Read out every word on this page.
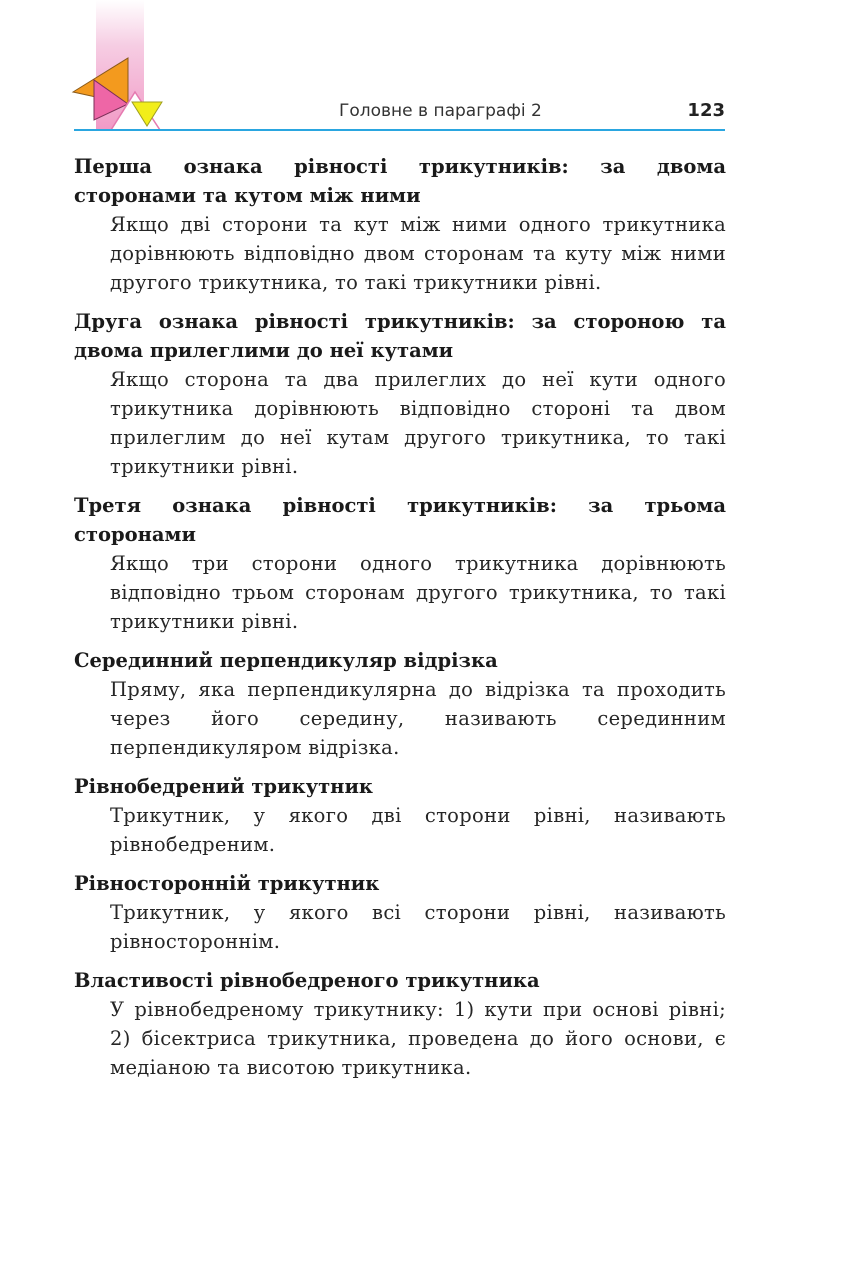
Головне в параграфі 2	123

Перша ознака рівності трикутників: за двома сторонами та кутом між ними

Якщо дві сторони та кут між ними одного трикутника дорівнюють відповідно двом сторонам та куту між ними другого трикутника, то такі трикутники рівні.

Друга ознака рівності трикутників: за стороною та двома прилеглими до неї кутами

Якщо сторона та два прилеглих до неї кути одного трикутника дорівнюють відповідно стороні та двом прилеглим до неї кутам другого трикутника, то такі трикутники рівні.

Третя ознака рівності трикутників: за трьома сторонами

Якщо три сторони одного трикутника дорівнюють відповідно трьом сторонам другого трикутника, то такі трикутники рівні.

Серединний перпендикуляр відрізка

Пряму, яка перпендикулярна до відрізка та проходить через його середину, називають серединним перпендикуляром відрізка.

Рівнобедрений трикутник

Трикутник, у якого дві сторони рівні, називають рівнобедреним.

Рівносторонній трикутник

Трикутник, у якого всі сторони рівні, називають рівностороннім.

Властивості рівнобедреного трикутника

У рівнобедреному трикутнику: 1) кути при основі рівні; 2) бісектриса трикутника, проведена до його основи, є медіаною та висотою трикутника.
